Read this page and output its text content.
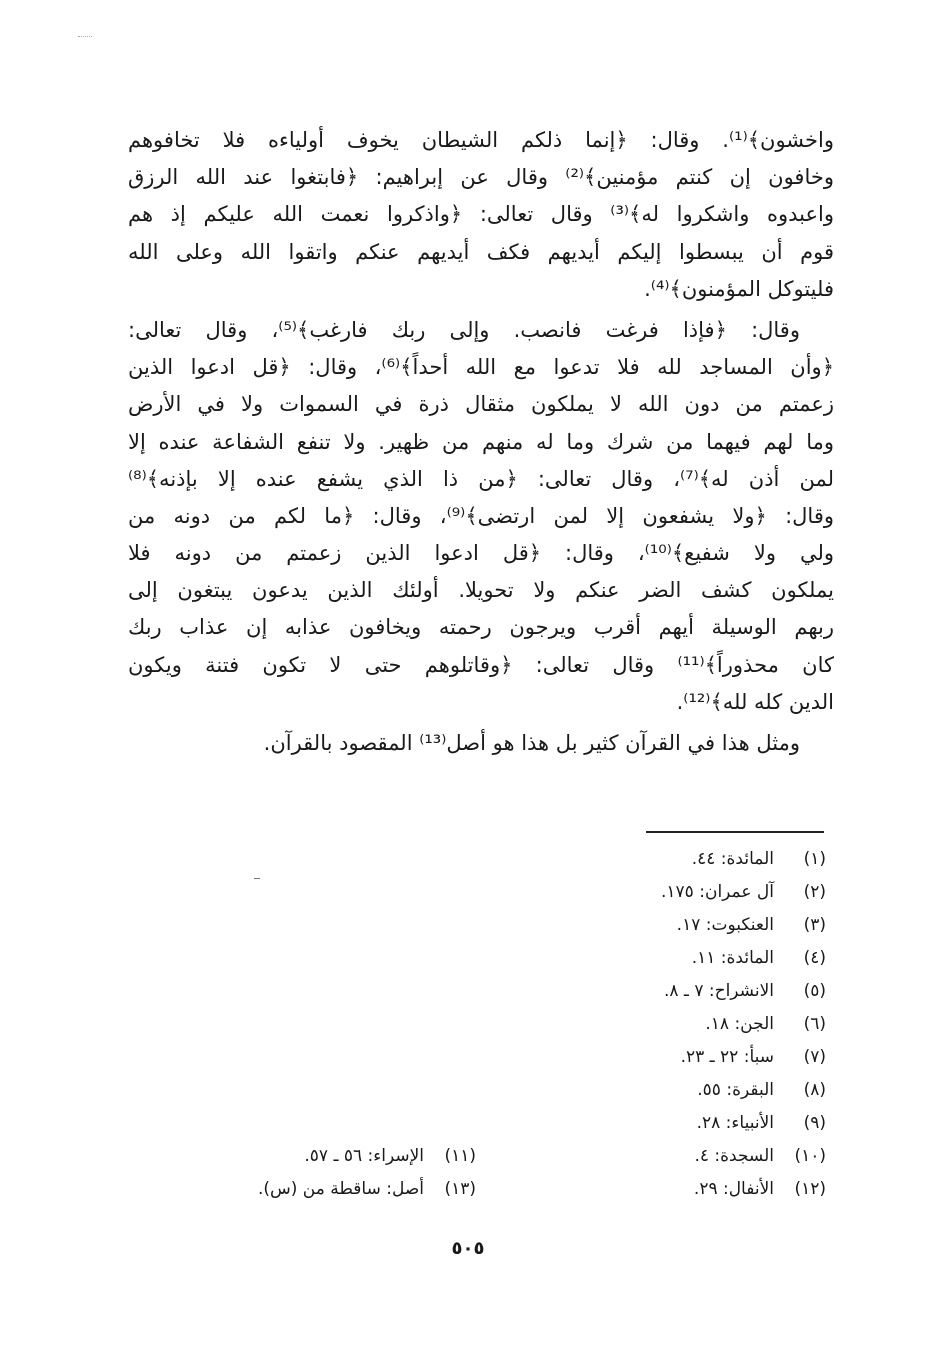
واخشون﴾⁽¹⁾. وقال: ﴿إنما ذلكم الشيطان يخوف أولياءه فلا تخافوهم
وخافون إن كنتم مؤمنين﴾⁽²⁾ وقال عن إبراهيم: ﴿فابتغوا عند الله الرزق
واعبدوه واشكروا له﴾⁽³⁾ وقال تعالى: ﴿واذكروا نعمت الله عليكم إذ هم
قوم أن يبسطوا إليكم أيديهم فكف أيديهم عنكم واتقوا الله وعلى الله
فليتوكل المؤمنون﴾⁽⁴⁾.
وقال: ﴿فإذا فرغت فانصب. وإلى ربك فارغب﴾⁽⁵⁾، وقال تعالى:
﴿وأن المساجد لله فلا تدعوا مع الله أحداً﴾⁽⁶⁾، وقال: ﴿قل ادعوا الذين
زعمتم من دون الله لا يملكون مثقال ذرة في السموات ولا في الأرض
وما لهم فيهما من شرك وما له منهم من ظهير. ولا تنفع الشفاعة عنده إلا
لمن أذن له﴾⁽⁷⁾، وقال تعالى: ﴿من ذا الذي يشفع عنده إلا بإذنه﴾⁽⁸⁾
وقال: ﴿ولا يشفعون إلا لمن ارتضى﴾⁽⁹⁾، وقال: ﴿ما لكم من دونه من
ولي ولا شفيع﴾⁽¹⁰⁾، وقال: ﴿قل ادعوا الذين زعمتم من دونه فلا
يملكون كشف الضر عنكم ولا تحويلا. أولئك الذين يدعون يبتغون إلى
ربهم الوسيلة أيهم أقرب ويرجون رحمته ويخافون عذابه إن عذاب ربك
كان محذوراً﴾⁽¹¹⁾ وقال تعالى: ﴿وقاتلوهم حتى لا تكون فتنة ويكون
الدين كله لله﴾⁽¹²⁾.
ومثل هذا في القرآن كثير بل هذا هو أصل⁽¹³⁾ المقصود بالقرآن.
(١)
المائدة: ٤٤.
(٢)
آل عمران: ١٧٥.
(٣)
العنكبوت: ١٧.
(٤)
المائدة: ١١.
(٥)
الانشراح: ٧ ـ ٨.
(٦)
الجن: ١٨.
(٧)
سبأ: ٢٢ ـ ٢٣.
(٨)
البقرة: ٥٥.
(٩)
الأنبياء: ٢٨.
(١٠)
السجدة: ٤.
(١٢)
الأنفال: ٢٩.
(١١)
الإسراء: ٥٦ ـ ٥٧.
(١٣)
أصل: ساقطة من (س).
٥٠٥
